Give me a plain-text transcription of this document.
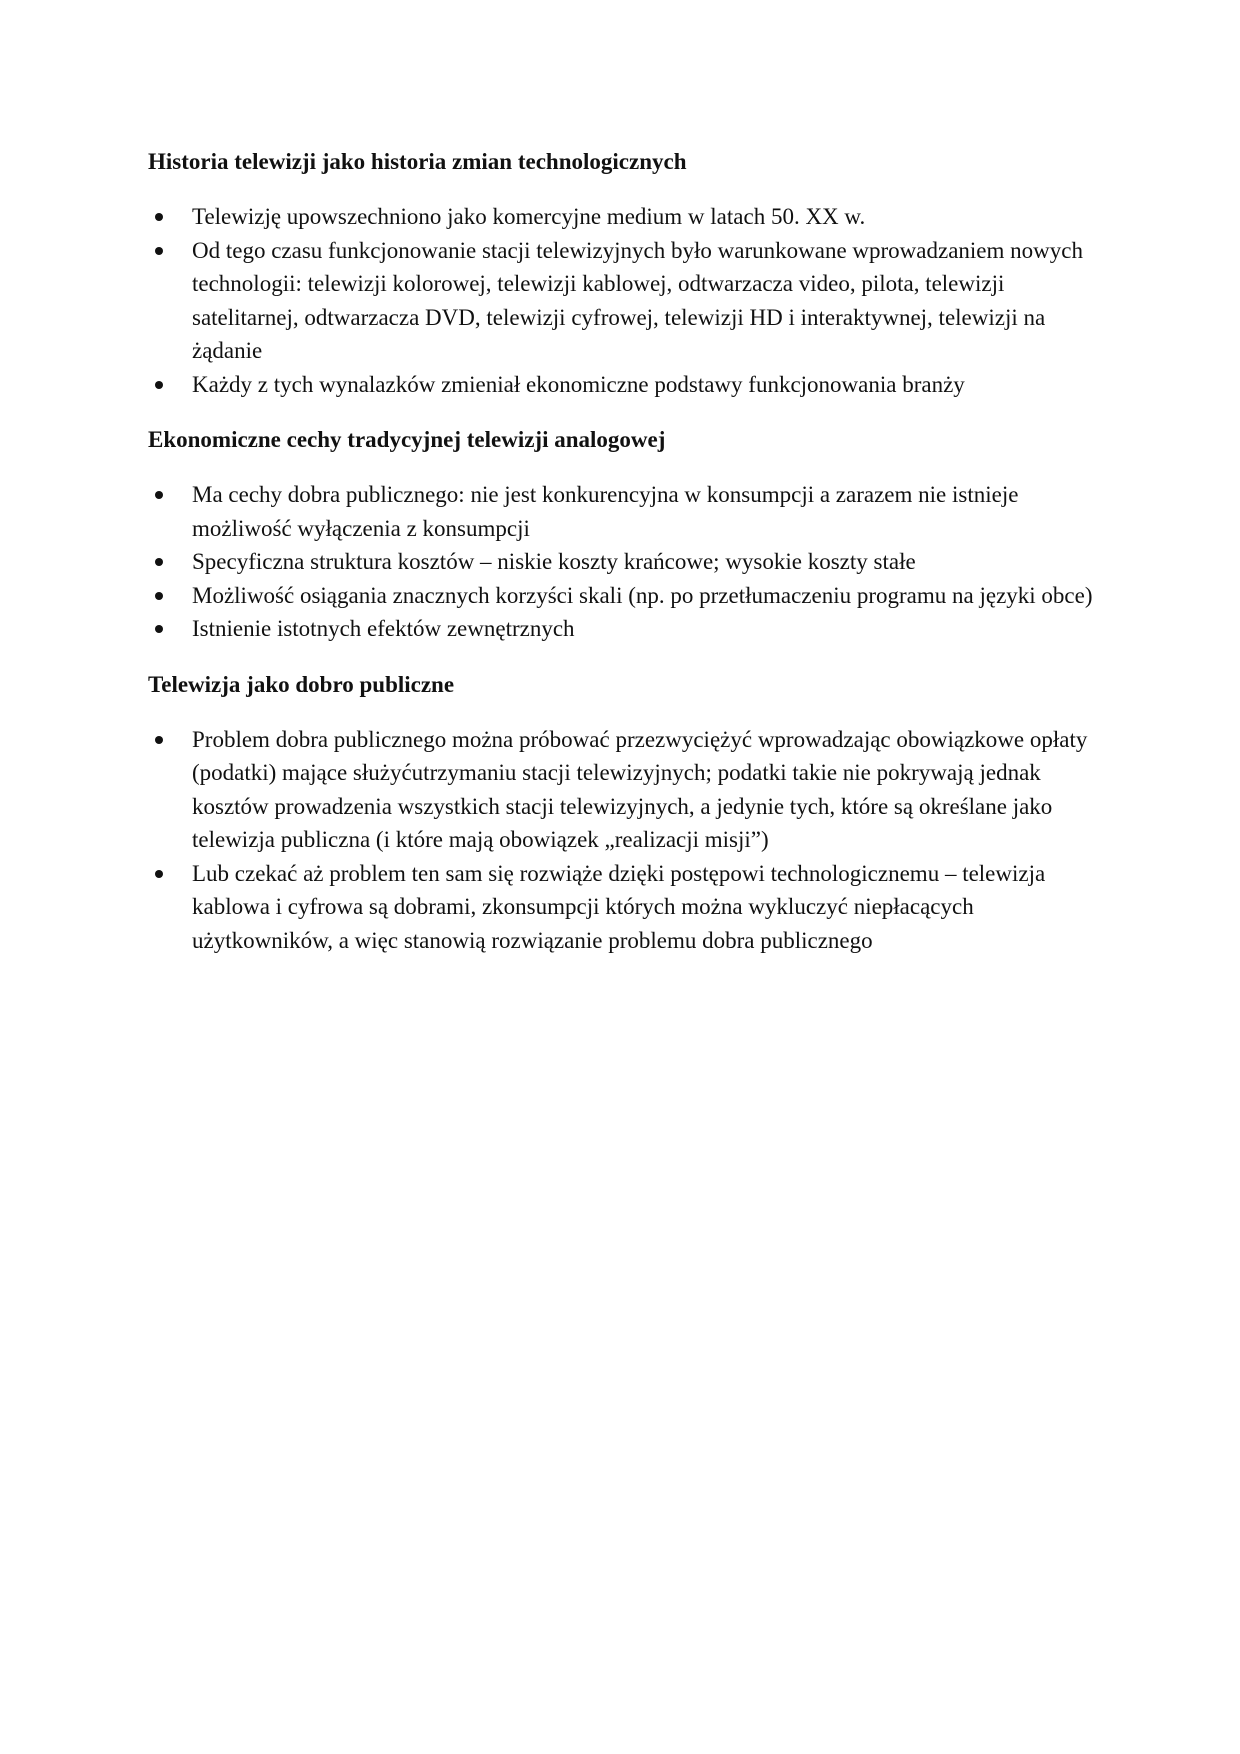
Historia telewizji jako historia zmian technologicznych
Telewizję upowszechniono jako komercyjne medium w latach 50. XX w.
Od tego czasu funkcjonowanie stacji telewizyjnych było warunkowane wprowadzaniem nowych technologii: telewizji kolorowej, telewizji kablowej, odtwarzacza video, pilota, telewizji satelitarnej, odtwarzacza DVD, telewizji cyfrowej, telewizji HD i interaktywnej, telewizji na żądanie
Każdy z tych wynalazków zmieniał ekonomiczne podstawy funkcjonowania branży
Ekonomiczne cechy tradycyjnej telewizji analogowej
Ma cechy dobra publicznego: nie jest konkurencyjna w konsumpcji a zarazem nie istnieje możliwość wyłączenia z konsumpcji
Specyficzna struktura kosztów – niskie koszty krańcowe; wysokie koszty stałe
Możliwość osiągania znacznych korzyści skali (np. po przetłumaczeniu programu na języki obce)
Istnienie istotnych efektów zewnętrznych
Telewizja jako dobro publiczne
Problem dobra publicznego można próbować przezwyciężyć wprowadzając obowiązkowe opłaty (podatki) mające służyćutrzymaniu stacji telewizyjnych; podatki takie nie pokrywają jednak kosztów prowadzenia wszystkich stacji telewizyjnych, a jedynie tych, które są określane jako telewizja publiczna (i które mają obowiązek „realizacji misji”)
Lub czekać aż problem ten sam się rozwiąże dzięki postępowi technologicznemu – telewizja kablowa i cyfrowa są dobrami, zkonsumpcji których można wykluczyć niepłacących użytkowników, a więc stanowią rozwiązanie problemu dobra publicznego
